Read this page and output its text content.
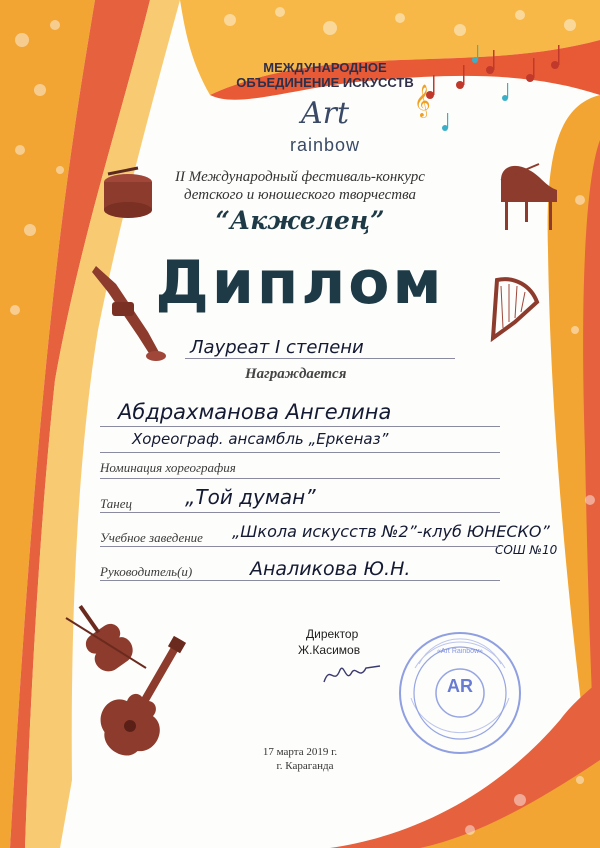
𝄞
МЕЖДУНАРОДНОЕ
ОБЪЕДИНЕНИЕ ИСКУССТВ
Art
rainbow
II Международный фестиваль-конкурс
детского и юношеского творчества
“Акжелең”
Диплом
Лауреат I степени
Награждается
Абдрахманова Ангелина
Хореограф. ансамбль „Еркеназ”
Номинация хореография
Танец	„Той думан”
Учебное заведение	„Школа искусств №2”-клуб ЮНЕСКО”
СОШ №10
Руководитель(и)	Аналикова Ю.Н.
Директор
Ж.Касимов
AR
«Art Rainbow»
17 марта 2019 г.
г. Караганда
